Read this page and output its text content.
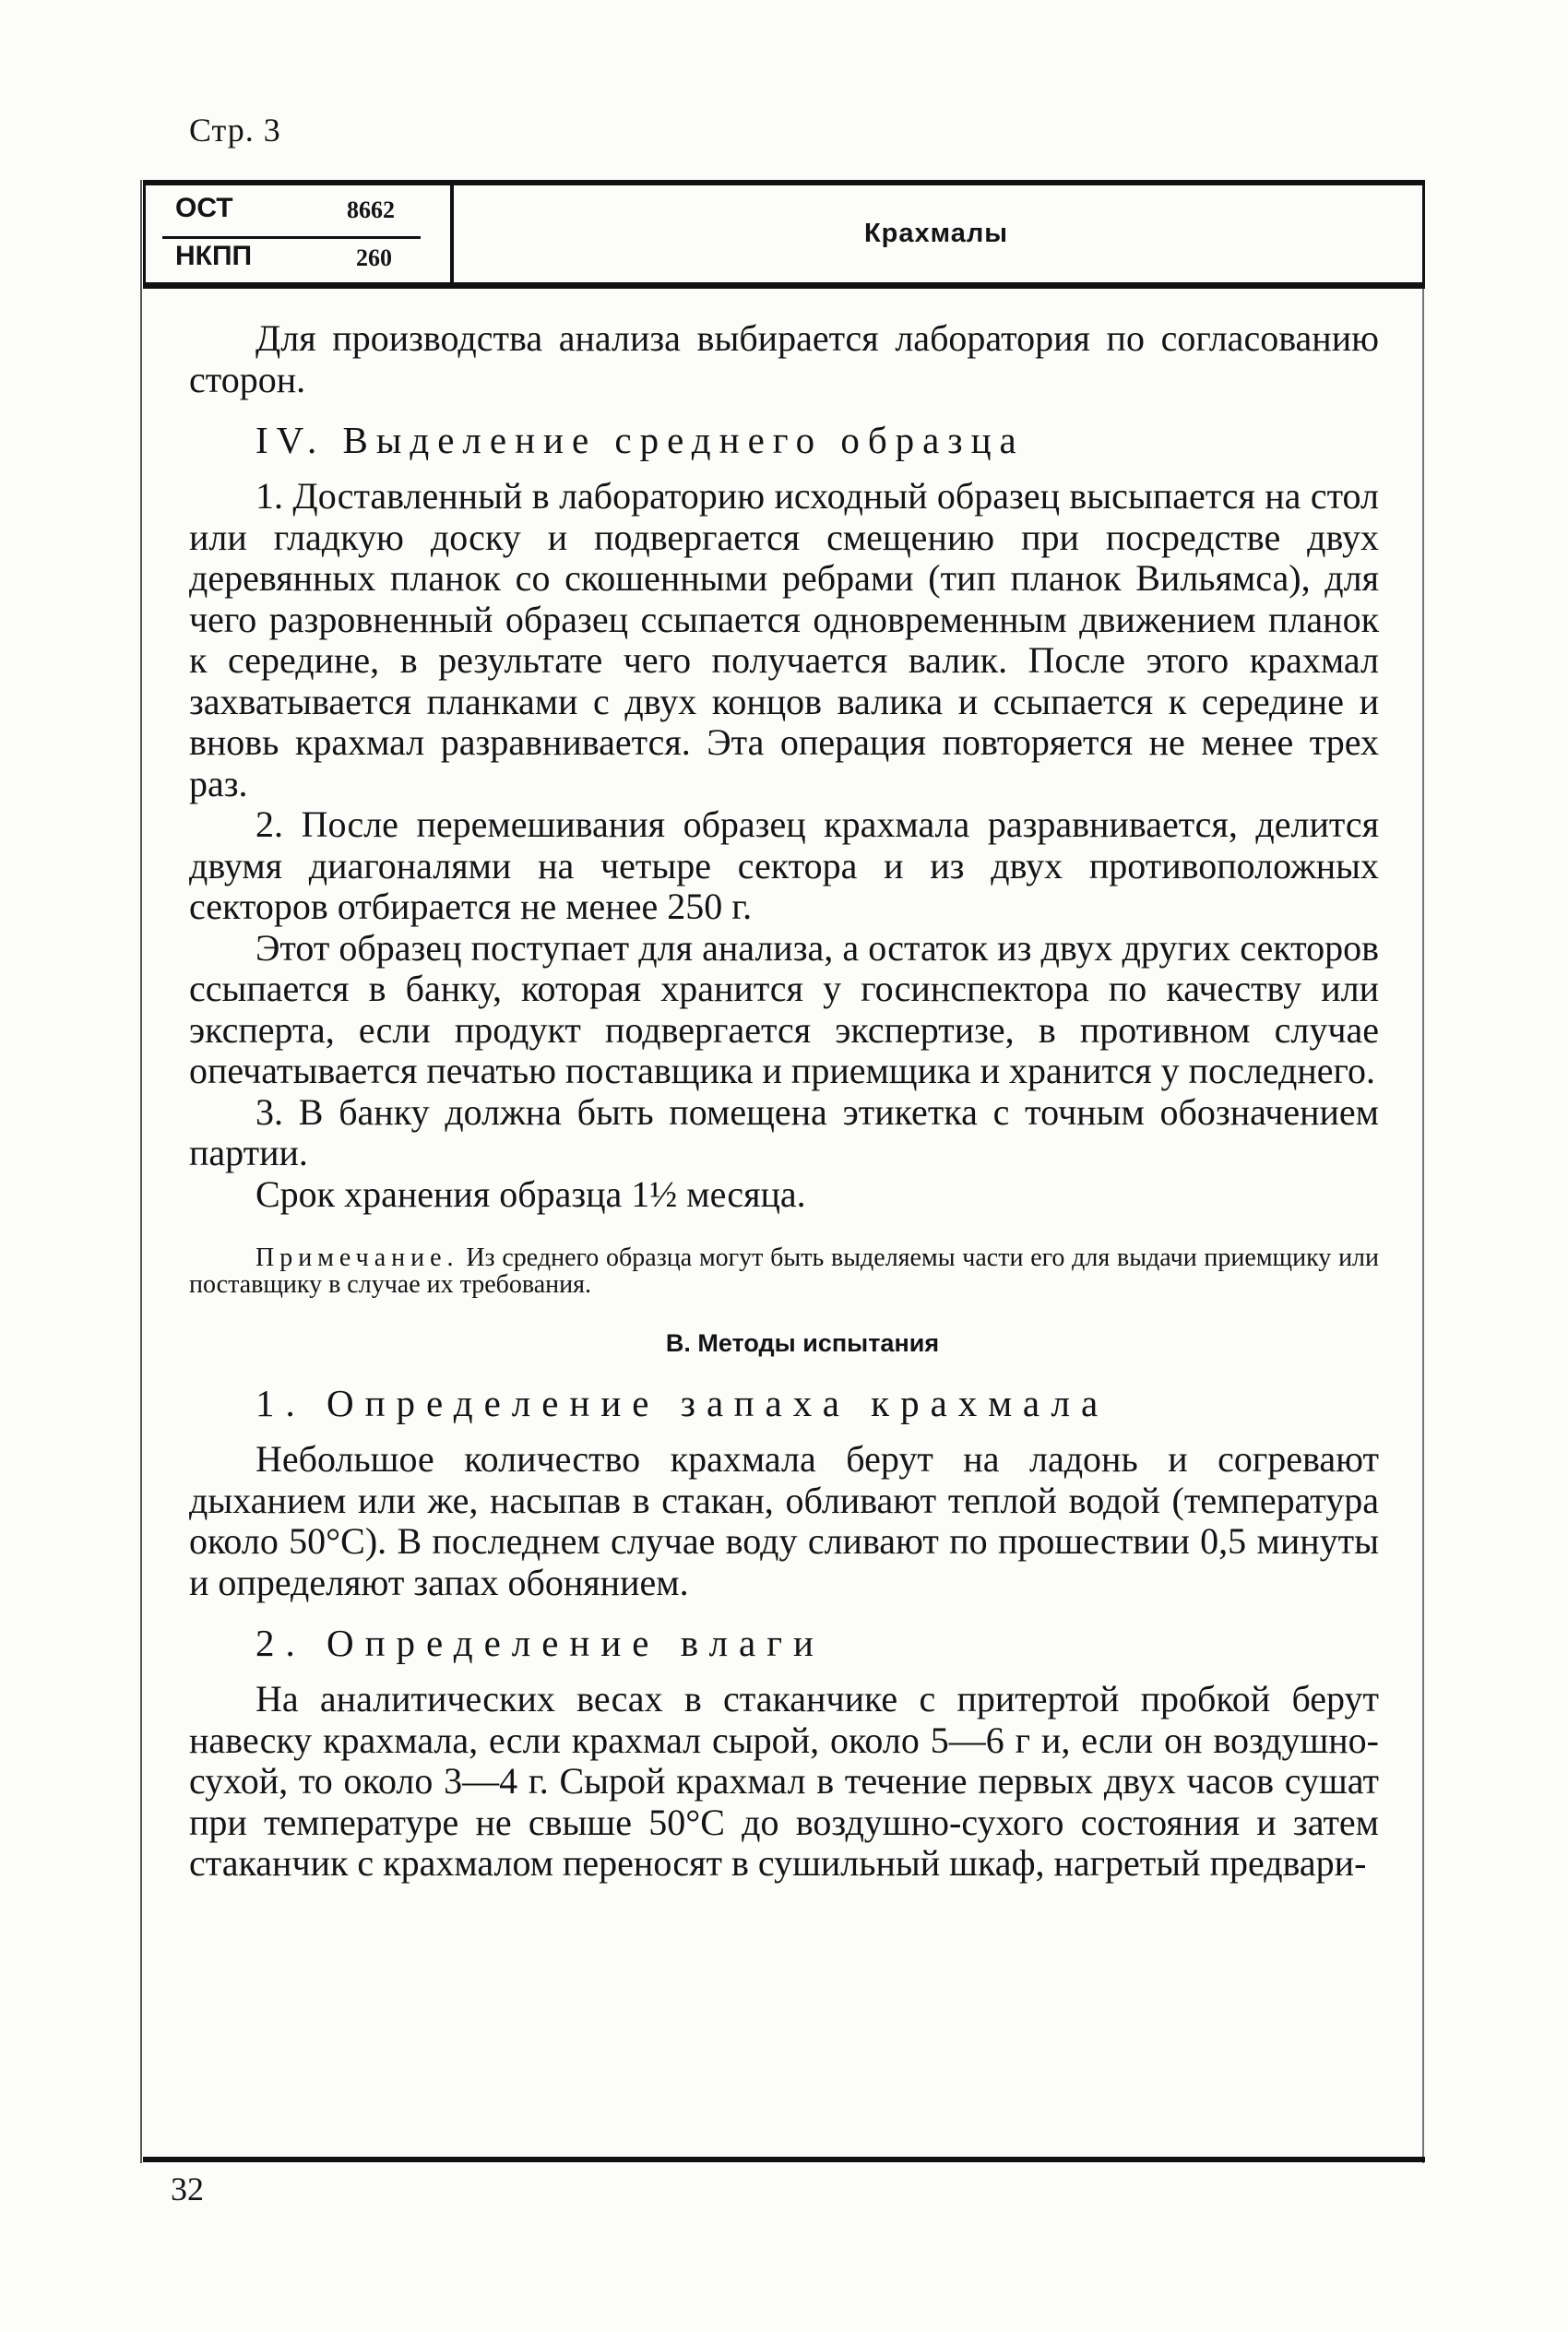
Стр. 3
ОСТ	8662
НКПП	260
Крахмалы

Для производства анализа выбирается лаборатория по согласованию сторон.

IV. Выделение среднего образца

1. Доставленный в лабораторию исходный образец высыпается на стол или гладкую доску и подвергается смещению при посредстве двух деревянных планок со скошенными ребрами (тип планок Вильямса), для чего разровненный образец ссыпается одновременным движением планок к середине, в результате чего получается валик. После этого крахмал захватывается планками с двух концов валика и ссыпается к середине и вновь крахмал разравнивается. Эта операция повторяется не менее трех раз.

2. После перемешивания образец крахмала разравнивается, делится двумя диагоналями на четыре сектора и из двух противоположных секторов отбирается не менее 250 г.

Этот образец поступает для анализа, а остаток из двух других секторов ссыпается в банку, которая хранится у госинспектора по качеству или эксперта, если продукт подвергается экспертизе, в противном случае опечатывается печатью поставщика и приемщика и хранится у последнего.

3. В банку должна быть помещена этикетка с точным обозначением партии.

Срок хранения образца 1½ месяца.

Примечание. Из среднего образца могут быть выделяемы части его для выдачи приемщику или поставщику в случае их требования.
В. Методы испытания
1. Определение запаха крахмала

Небольшое количество крахмала берут на ладонь и согревают дыханием или же, насыпав в стакан, обливают теплой водой (температура около 50°С). В последнем случае воду сливают по прошествии 0,5 минуты и определяют запах обонянием.

2. Определение влаги

На аналитических весах в стаканчике с притертой пробкой берут навеску крахмала, если крахмал сырой, около 5—6 г и, если он воздушно-сухой, то около 3—4 г. Сырой крахмал в течение первых двух часов сушат при температуре не свыше 50°С до воздушно-сухого состояния и затем стаканчик с крахмалом переносят в сушильный шкаф, нагретый предвари-

32
